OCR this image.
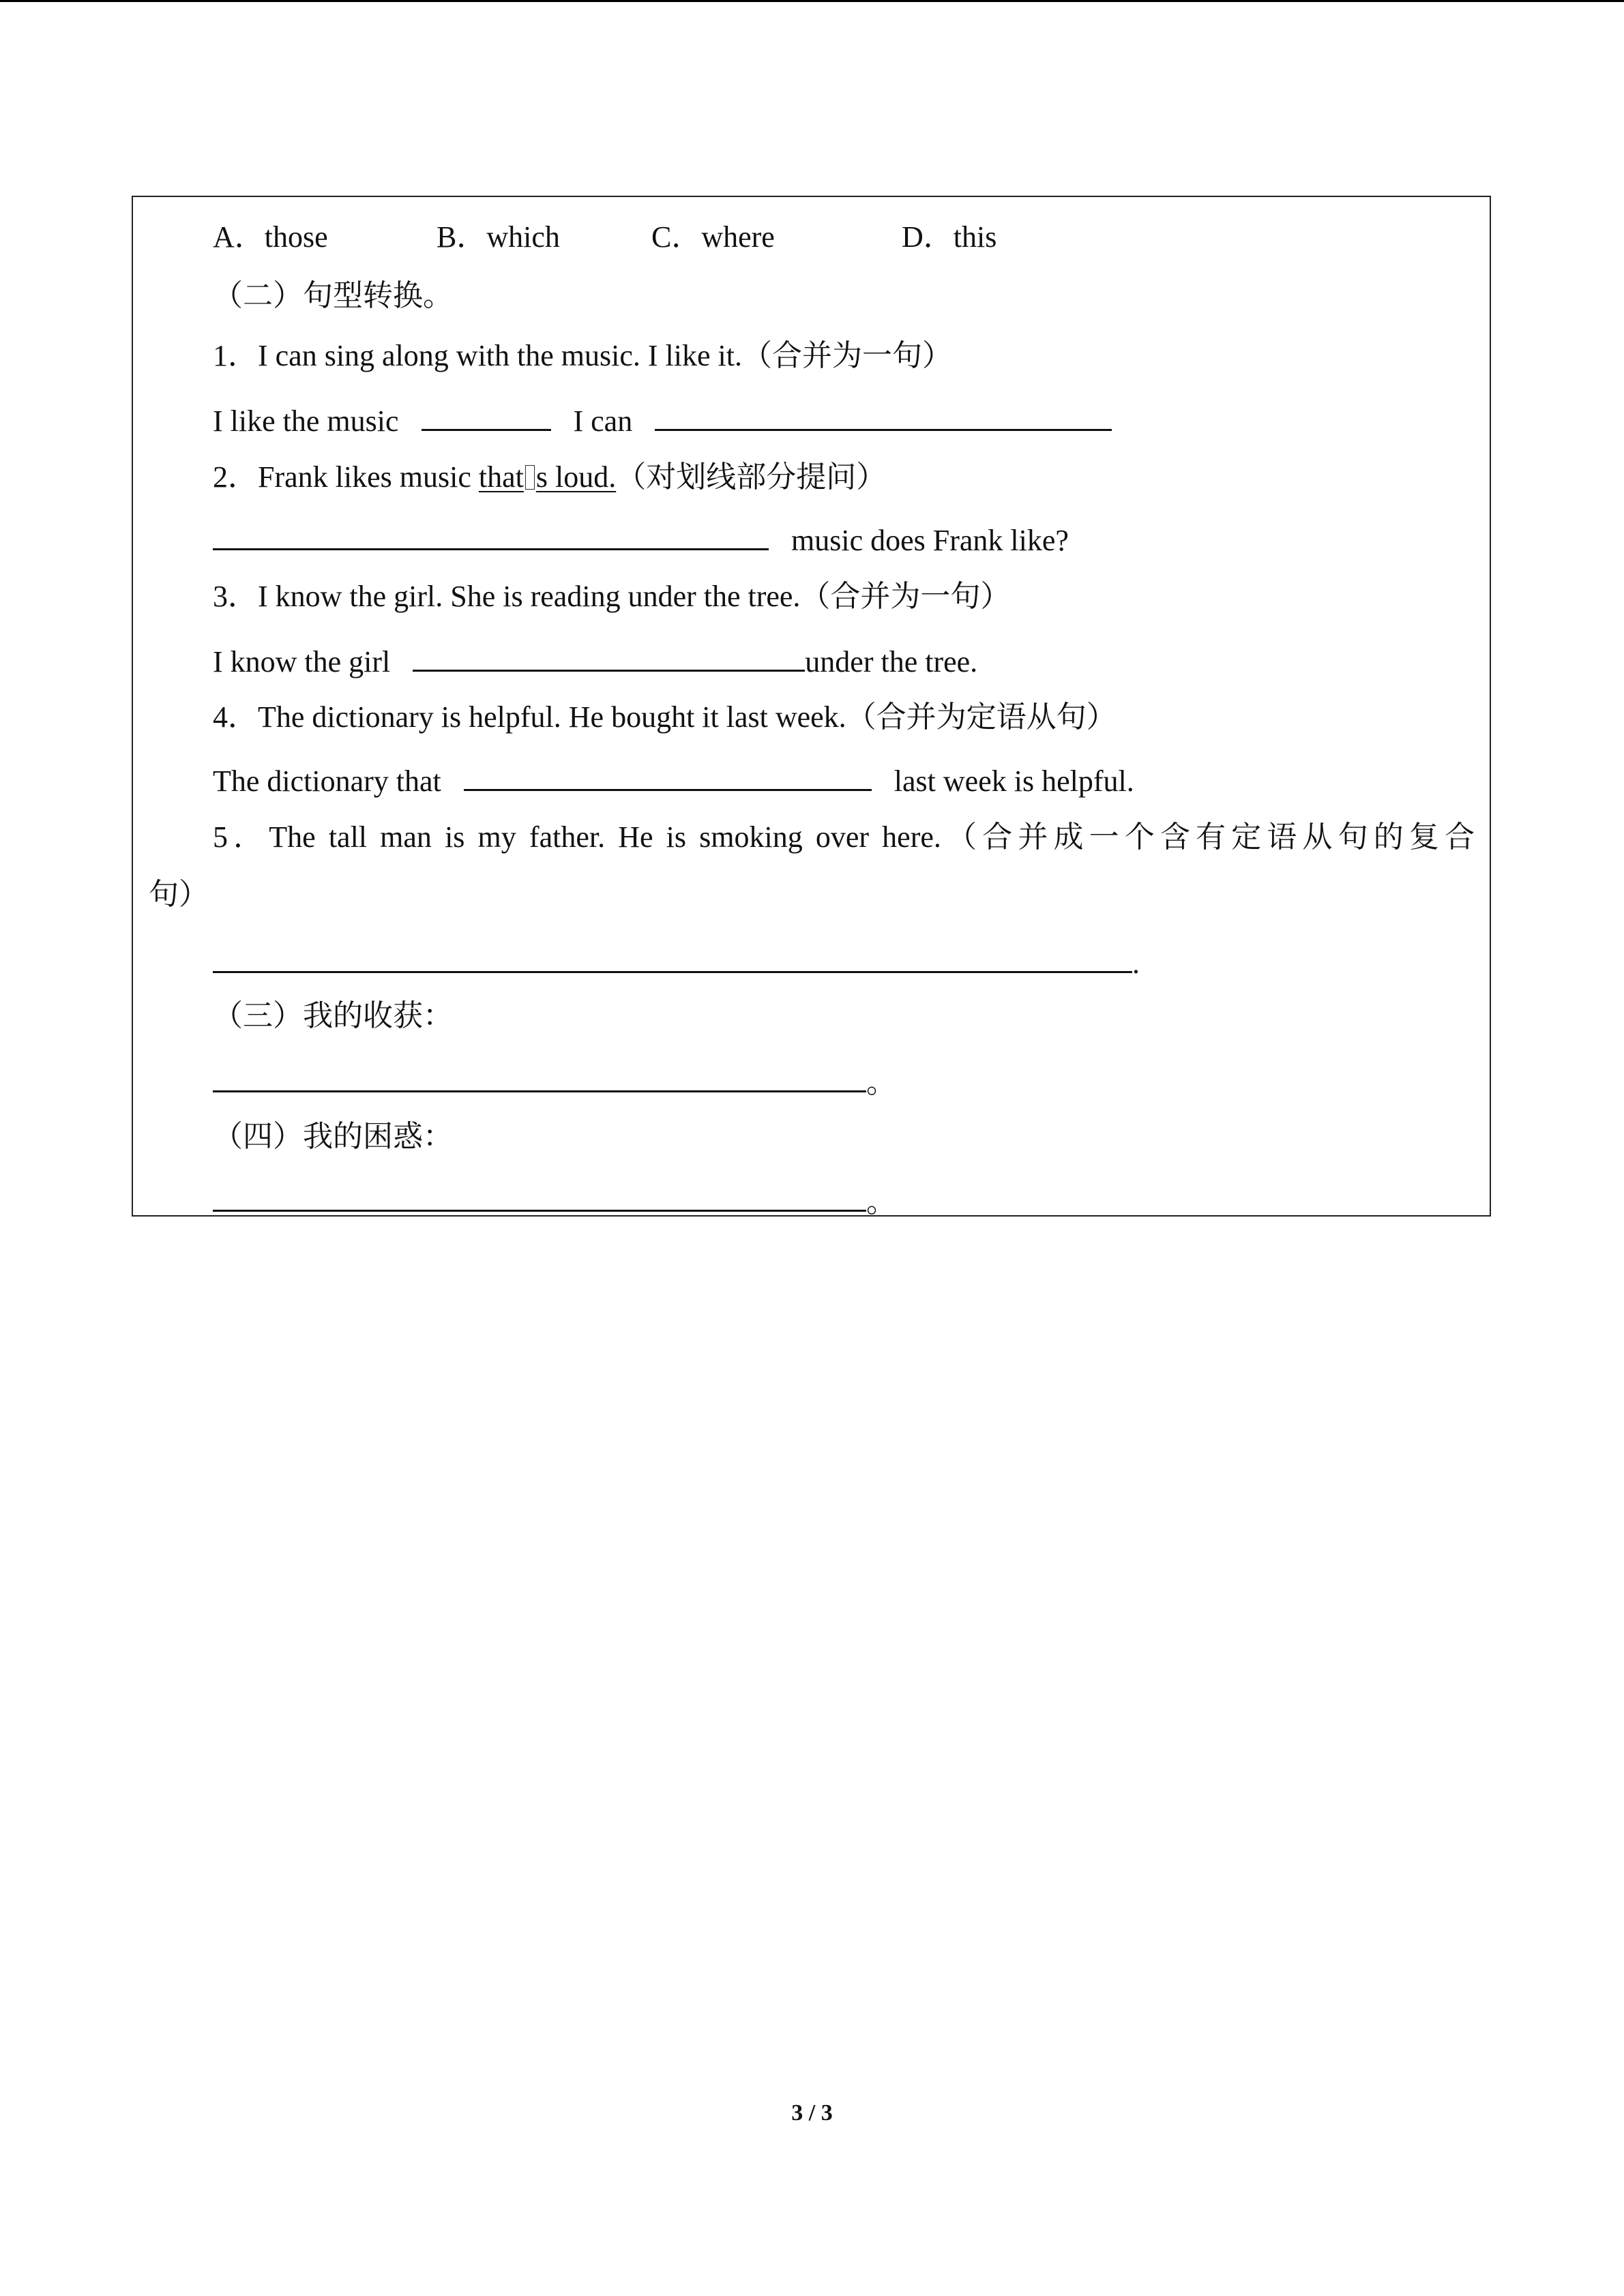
A．those	B．which	C．where	D．this
（二）句型转换。
1．I can sing along with the music. I like it.（合并为一句）
I like the music	I can
2．Frank likes music that s loud.（对划线部分提问）
music does Frank like?
3．I know the girl. She is reading under the tree.（合并为一句）
I know the girl	under the tree.
4．The dictionary is helpful. He bought it last week.（合并为定语从句）
The dictionary that	last week is helpful.
5．The tall man is my father. He is smoking over here.（合并成一个含有定语从句的复合
句）
.
（三）我的收获：
。
（四）我的困惑：
。
3 / 3
